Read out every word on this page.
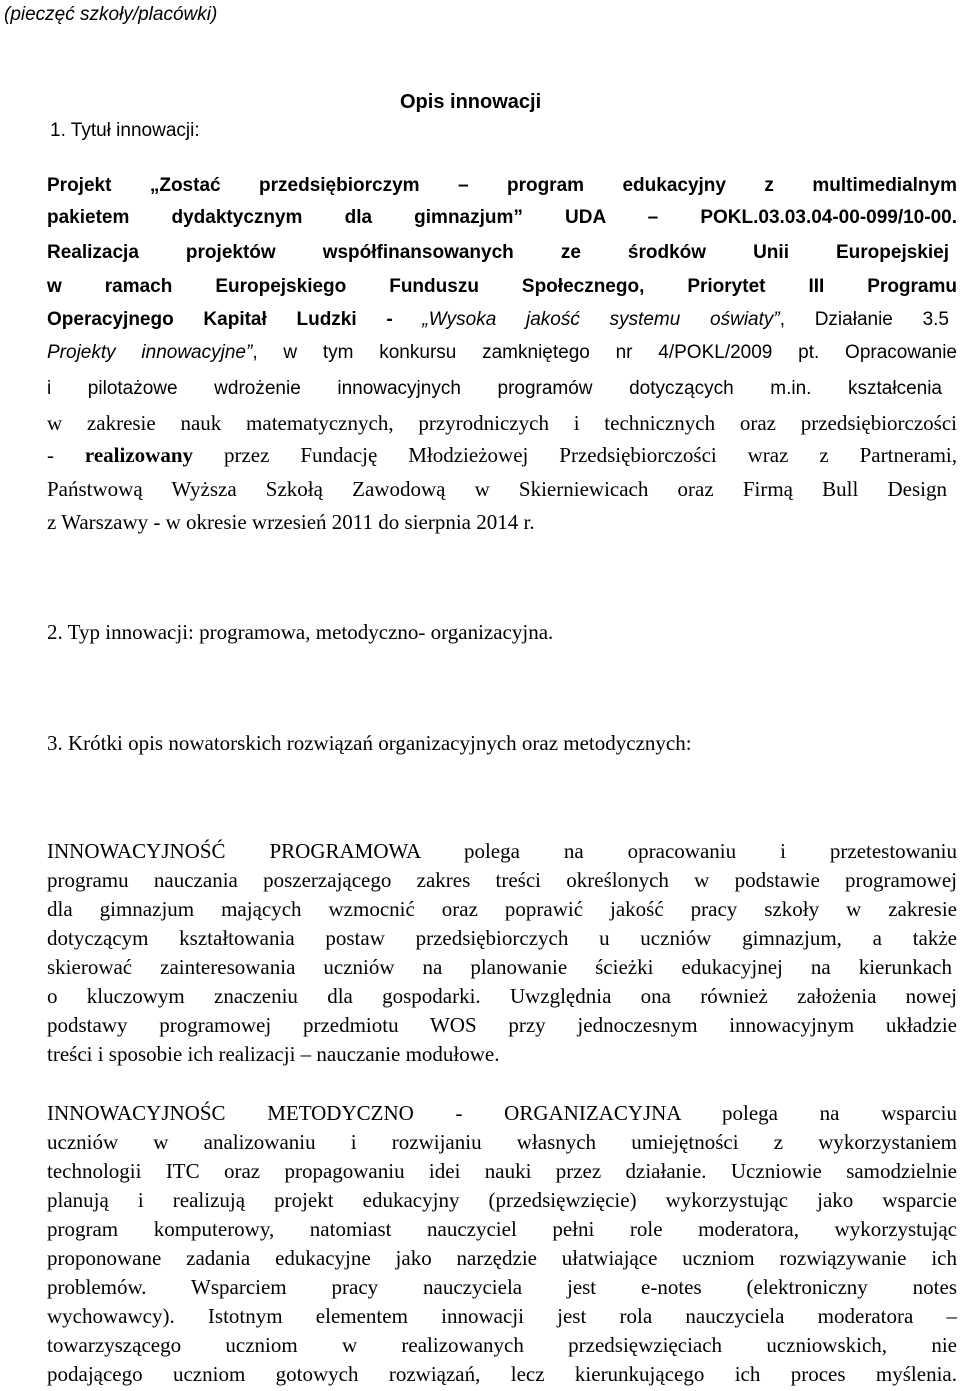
(pieczęć szkoły/placówki)
Opis innowacji
1. Tytuł innowacji:
Projekt „Zostać przedsiębiorczym – program edukacyjny z multimedialnym
pakietem dydaktycznym dla gimnazjum” UDA – POKL.03.03.04-00-099/10-00.
Realizacja projektów współfinansowanych ze środków Unii Europejskiej
w ramach Europejskiego Funduszu Społecznego, Priorytet III Programu
Operacyjnego Kapitał Ludzki - „Wysoka jakość systemu oświaty”, Działanie 3.5
Projekty innowacyjne”, w tym konkursu zamkniętego nr 4/POKL/2009 pt. Opracowanie
i pilotażowe wdrożenie innowacyjnych programów dotyczących m.in. kształcenia
w zakresie nauk matematycznych, przyrodniczych i technicznych oraz przedsiębiorczości
- realizowany przez Fundację Młodzieżowej Przedsiębiorczości wraz z Partnerami,
Państwową Wyższa Szkołą Zawodową w Skierniewicach oraz Firmą Bull Design
z Warszawy - w okresie wrzesień 2011 do sierpnia 2014 r.
2. Typ innowacji: programowa, metodyczno- organizacyjna.
3. Krótki opis nowatorskich rozwiązań organizacyjnych oraz metodycznych:
INNOWACYJNOŚĆ PROGRAMOWA polega na opracowaniu i przetestowaniu
programu nauczania poszerzającego zakres treści określonych w podstawie programowej
dla gimnazjum mających wzmocnić oraz poprawić jakość pracy szkoły w zakresie
dotyczącym kształtowania postaw przedsiębiorczych u uczniów gimnazjum, a także
skierować zainteresowania uczniów na planowanie ścieżki edukacyjnej na kierunkach
o kluczowym znaczeniu dla gospodarki. Uwzględnia ona również założenia nowej
podstawy programowej przedmiotu WOS przy jednoczesnym innowacyjnym układzie
treści i sposobie ich realizacji – nauczanie modułowe.
INNOWACYJNOŚC METODYCZNO - ORGANIZACYJNA polega na wsparciu
uczniów w analizowaniu i rozwijaniu własnych umiejętności z wykorzystaniem
technologii ITC oraz propagowaniu idei nauki przez działanie. Uczniowie samodzielnie
planują i realizują projekt edukacyjny (przedsięwzięcie) wykorzystując jako wsparcie
program komputerowy, natomiast nauczyciel pełni role moderatora, wykorzystując
proponowane zadania edukacyjne jako narzędzie ułatwiające uczniom rozwiązywanie ich
problemów. Wsparciem pracy nauczyciela jest e-notes (elektroniczny notes
wychowawcy). Istotnym elementem innowacji jest rola nauczyciela moderatora –
towarzyszącego uczniom w realizowanych przedsięwzięciach uczniowskich, nie
podającego uczniom gotowych rozwiązań, lecz kierunkującego ich proces myślenia.
